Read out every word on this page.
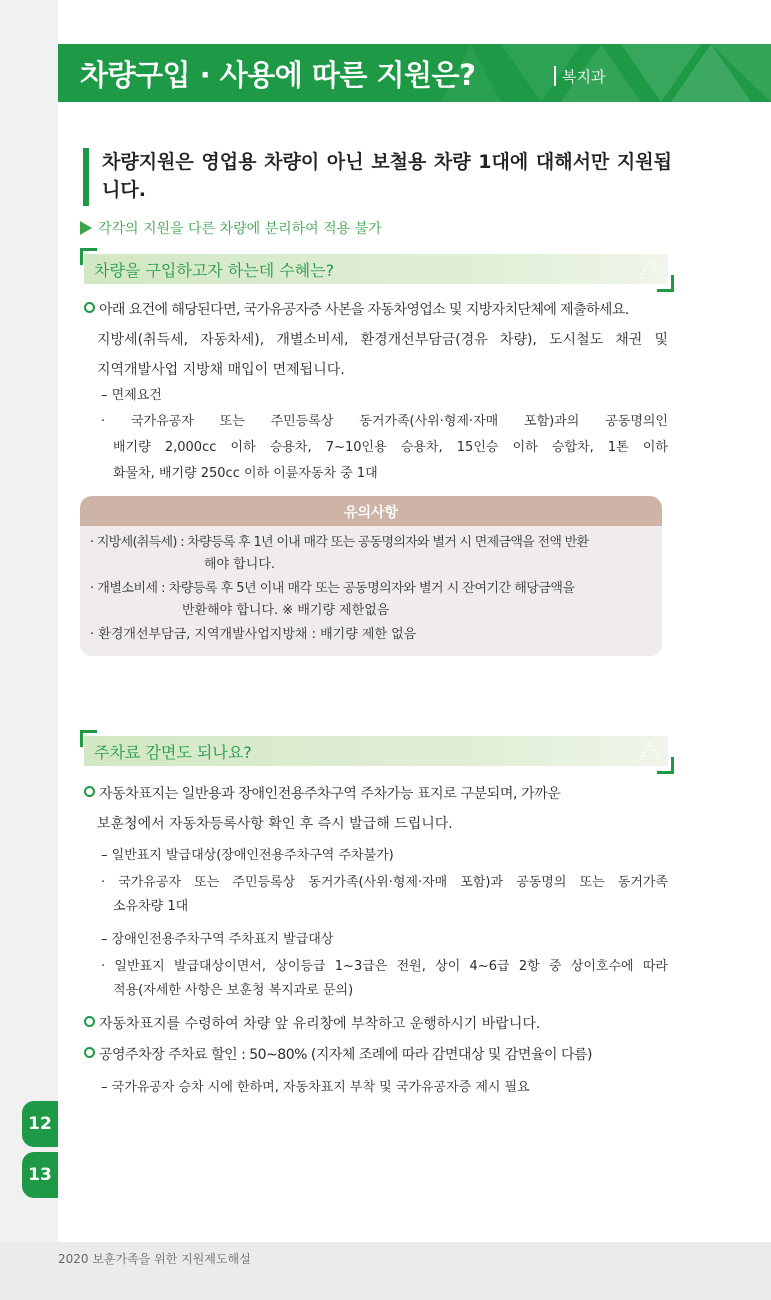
차량구입 · 사용에 따른 지원은?	복지과
차량지원은 영업용 차량이 아닌 보철용 차량 1대에 대해서만 지원됩니다.
각각의 지원을 다른 차량에 분리하여 적용 불가
차량을 구입하고자 하는데 수혜는?
아래 요건에 해당된다면, 국가유공자증 사본을 자동차영업소 및 지방자치단체에 제출하세요.
지방세(취득세, 자동차세), 개별소비세, 환경개선부담금(경유 차량), 도시철도 채권 및
지역개발사업 지방채 매입이 면제됩니다.
– 면제요건
· 국가유공자 또는 주민등록상 동거가족(사위·형제·자매 포함)과의 공동명의인
배기량 2,000cc 이하 승용차, 7~10인용 승용차, 15인승 이하 승합차, 1톤 이하
화물차, 배기량 250cc 이하 이륜자동차 중 1대
유의사항
· 지방세(취득세) : 차량등록 후 1년 이내 매각 또는 공동명의자와 별거 시 면제금액을 전액 반환
해야 합니다.
· 개별소비세 : 차량등록 후 5년 이내 매각 또는 공동명의자와 별거 시 잔여기간 해당금액을
반환해야 합니다. ※ 배기량 제한없음
· 환경개선부담금, 지역개발사업지방채 : 배기량 제한 없음
주차료 감면도 되나요?
자동차표지는 일반용과 장애인전용주차구역 주차가능 표지로 구분되며, 가까운
보훈청에서 자동차등록사항 확인 후 즉시 발급해 드립니다.
– 일반표지 발급대상(장애인전용주차구역 주차불가)
· 국가유공자 또는 주민등록상 동거가족(사위·형제·자매 포함)과 공동명의 또는 동거가족
소유차량 1대
– 장애인전용주차구역 주차표지 발급대상
· 일반표지 발급대상이면서, 상이등급 1~3급은 전원, 상이 4~6급 2항 중 상이호수에 따라
적용(자세한 사항은 보훈청 복지과로 문의)
자동차표지를 수령하여 차량 앞 유리창에 부착하고 운행하시기 바랍니다.
공영주차장 주차료 할인 : 50~80% (지자체 조례에 따라 감면대상 및 감면율이 다름)
– 국가유공자 승차 시에 한하며, 자동차표지 부착 및 국가유공자증 제시 필요
12
13
2020 보훈가족을 위한 지원제도해설
